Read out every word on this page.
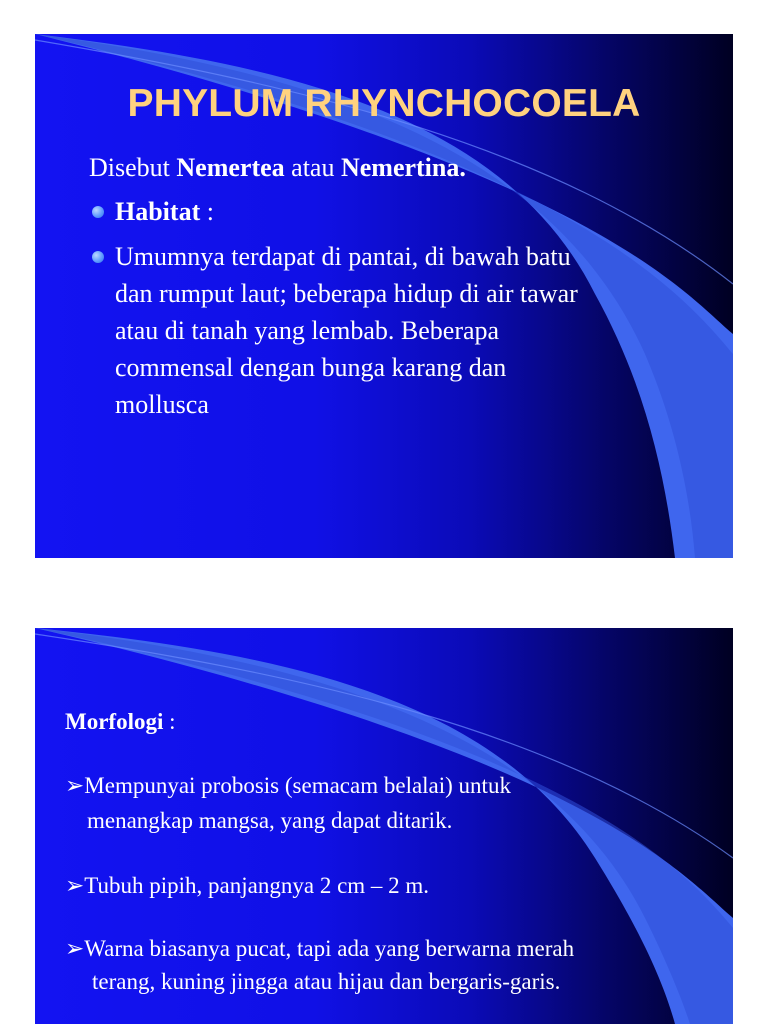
PHYLUM RHYNCHOCOELA
Disebut Nemertea atau Nemertina.
Habitat :
Umumnya terdapat di pantai, di bawah batu
dan rumput laut; beberapa hidup di air tawar
atau di tanah yang lembab. Beberapa
commensal dengan bunga karang dan
mollusca
Morfologi :
➢Mempunyai probosis (semacam belalai) untuk
menangkap mangsa, yang dapat ditarik.
➢Tubuh pipih, panjangnya 2 cm – 2 m.
➢Warna biasanya pucat, tapi ada yang berwarna merah
terang, kuning jingga atau hijau dan bergaris-garis.
